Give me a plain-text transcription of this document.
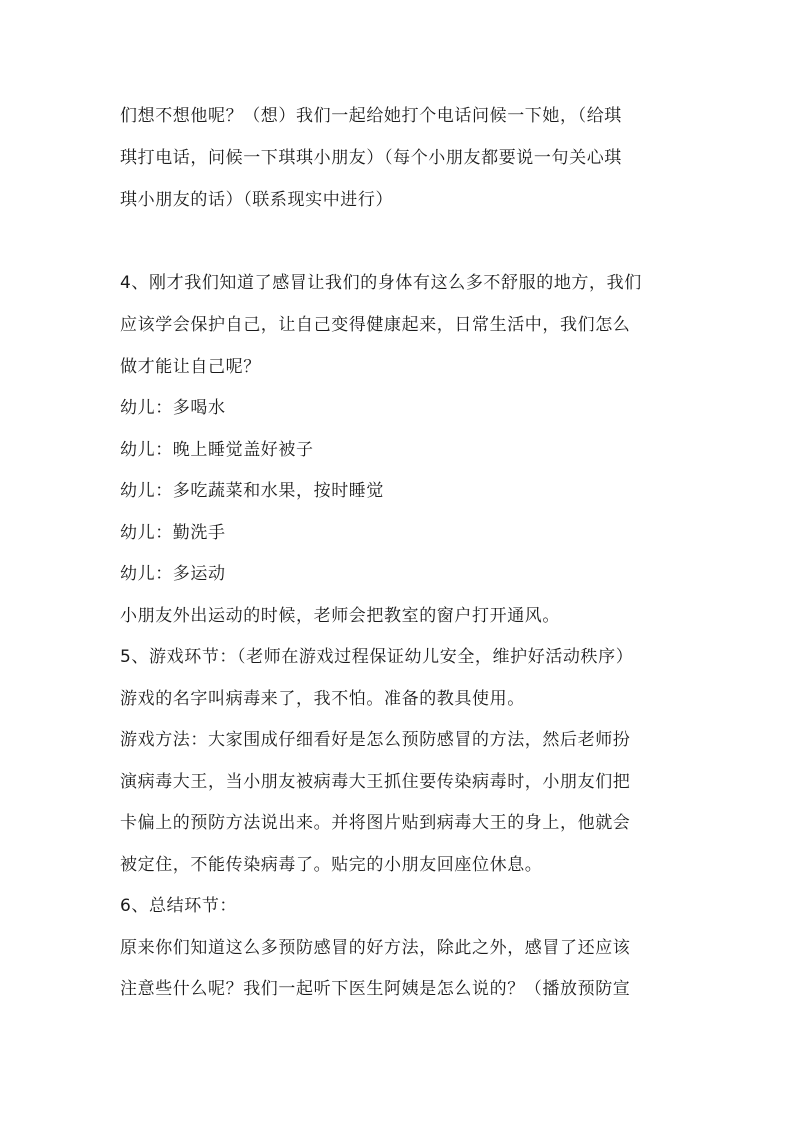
们想不想他呢？（想）我们一起给她打个电话问候一下她，（给琪
琪打电话，问候一下琪琪小朋友）（每个小朋友都要说一句关心琪
琪小朋友的话）（联系现实中进行）
4、刚才我们知道了感冒让我们的身体有这么多不舒服的地方，我们
应该学会保护自己，让自己变得健康起来，日常生活中，我们怎么
做才能让自己呢？
幼儿：多喝水
幼儿：晚上睡觉盖好被子
幼儿：多吃蔬菜和水果，按时睡觉
幼儿：勤洗手
幼儿：多运动
小朋友外出运动的时候，老师会把教室的窗户打开通风。
5、游戏环节：（老师在游戏过程保证幼儿安全，维护好活动秩序）
游戏的名字叫病毒来了，我不怕。准备的教具使用。
游戏方法：大家围成仔细看好是怎么预防感冒的方法，然后老师扮
演病毒大王，当小朋友被病毒大王抓住要传染病毒时，小朋友们把
卡偏上的预防方法说出来。并将图片贴到病毒大王的身上，他就会
被定住，不能传染病毒了。贴完的小朋友回座位休息。
6、总结环节：
原来你们知道这么多预防感冒的好方法，除此之外，感冒了还应该
注意些什么呢？我们一起听下医生阿姨是怎么说的？（播放预防宣
